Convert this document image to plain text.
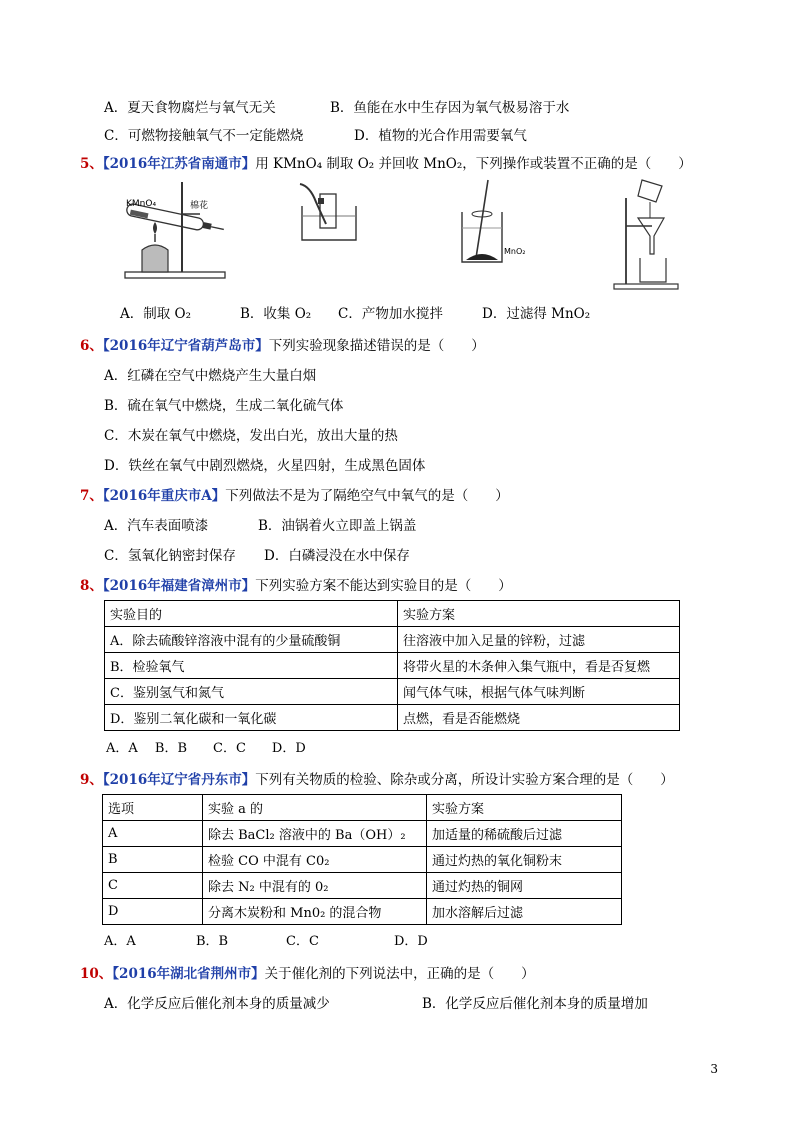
A．夏天食物腐烂与氧气无关	B．鱼能在水中生存因为氧气极易溶于水
C．可燃物接触氧气不一定能燃烧	D．植物的光合作用需要氧气
5、【2016年江苏省南通市】用 KMnO₄ 制取 O₂ 并回收 MnO₂，下列操作或装置不正确的是（　　）
KMnO₄	棉花
MnO₂
A．制取 O₂	B．收集 O₂ C．产物加水搅拌	D．过滤得 MnO₂
6、【2016年辽宁省葫芦岛市】下列实验现象描述错误的是（　　）
A．红磷在空气中燃烧产生大量白烟
B．硫在氧气中燃烧，生成二氧化硫气体
C．木炭在氧气中燃烧，发出白光，放出大量的热
D．铁丝在氧气中剧烈燃烧，火星四射，生成黑色固体
7、【2016年重庆市A】下列做法不是为了隔绝空气中氧气的是（　　）
A．汽车表面喷漆	B．油锅着火立即盖上锅盖
C．氢氧化钠密封保存 D．白磷浸没在水中保存
8、【2016年福建省漳州市】下列实验方案不能达到实验目的是（　　）
实验目的	实验方案
A．除去硫酸锌溶液中混有的少量硫酸铜	往溶液中加入足量的锌粉，过滤
B．检验氧气	将带火星的木条伸入集气瓶中，看是否复燃
C．鉴别氢气和氮气	闻气体气味，根据气体气味判断
D．鉴别二氧化碳和一氧化碳	点燃，看是否能燃烧
A．A　 B．B　　C．C　　D．D
9、【2016年辽宁省丹东市】下列有关物质的检验、除杂或分离，所设计实验方案合理的是（　　）
选项	实验 a 的	实验方案
A	除去 BaCl₂ 溶液中的 Ba（OH）₂	加适量的稀硫酸后过滤
B	检验 CO 中混有 C0₂	通过灼热的氧化铜粉末
C	除去 N₂ 中混有的 0₂	通过灼热的铜网
D	分离木炭粉和 Mn0₂ 的混合物	加水溶解后过滤
A．A	B．B	C．C	D．D
10、【2016年湖北省荆州市】关于催化剂的下列说法中，正确的是（　　）
A．化学反应后催化剂本身的质量减少	B．化学反应后催化剂本身的质量增加
3
